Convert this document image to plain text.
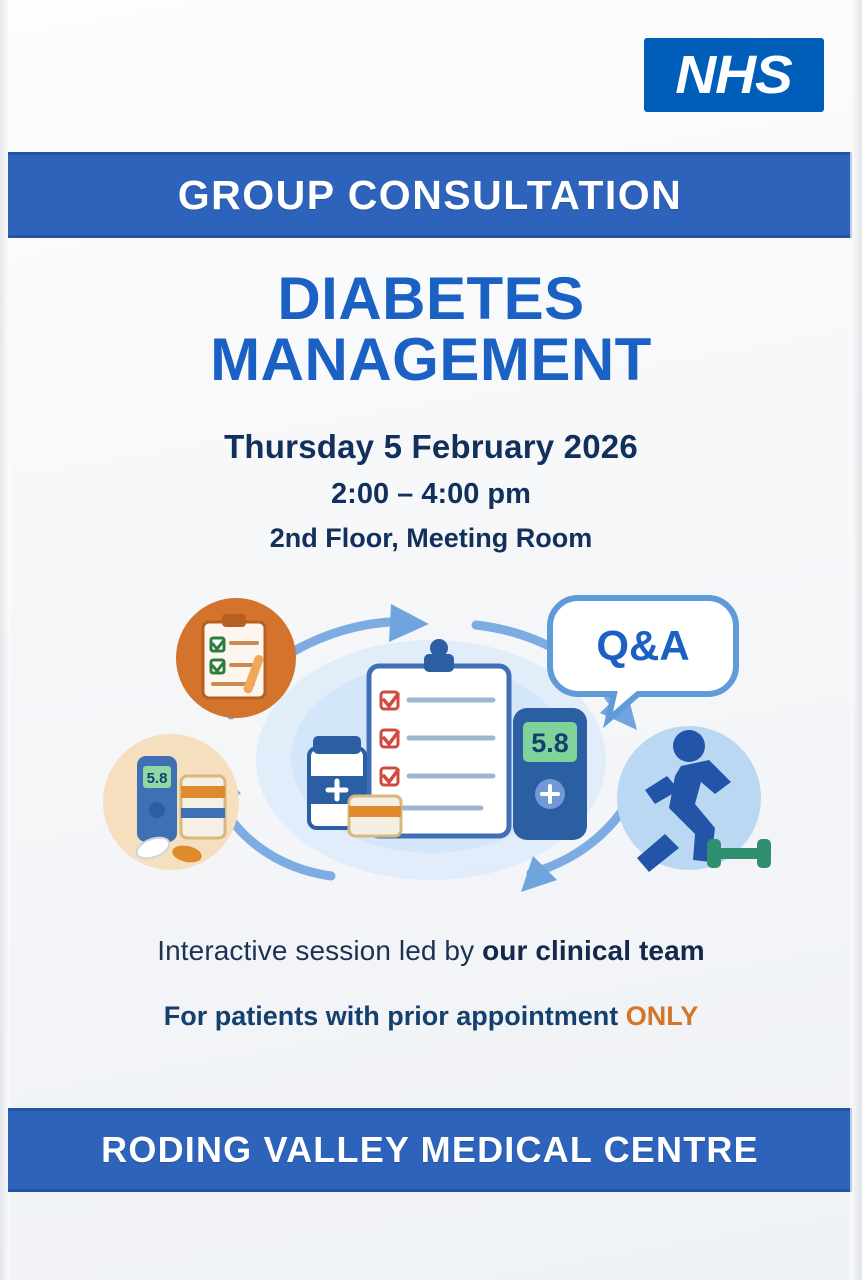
NHS
GROUP CONSULTATION
DIABETES
MANAGEMENT
Thursday 5 February 2026
2:00 – 4:00 pm
2nd Floor, Meeting Room
5.8
5.8
Q&A
Interactive session led by our clinical team
For patients with prior appointment ONLY
RODING VALLEY MEDICAL CENTRE
